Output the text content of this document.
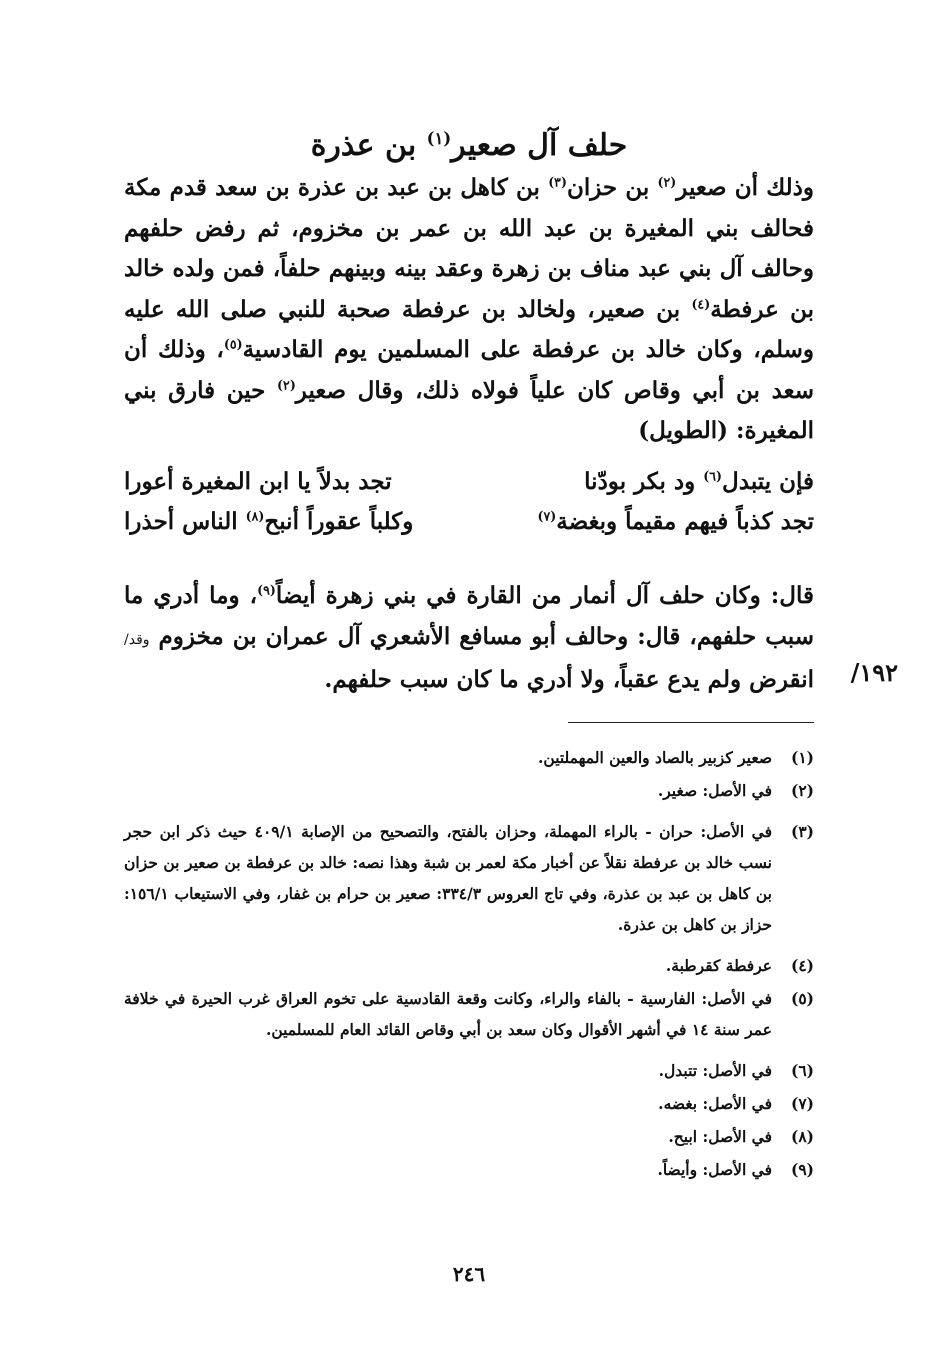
حلف آل صعير$^{(١)}$ بن عذرة

وذلك أن صعير$^{(٢)}$ بن حزان$^{(٣)}$ بن كاهل بن عبد بن عذرة بن سعد قدم مكة فحالف بني المغيرة بن عبد الله بن عمر بن مخزوم، ثم رفض حلفهم وحالف آل بني عبد مناف بن زهرة وعقد بينه وبينهم حلفاً، فمن ولده خالد بن عرفطة$^{(٤)}$ بن صعير، ولخالد بن عرفطة صحبة للنبي صلى الله عليه وسلم، وكان خالد بن عرفطة على المسلمين يوم القادسية$^{(٥)}$، وذلك أن سعد بن أبي وقاص كان علياً فولاه ذلك، وقال صعير$^{(٢)}$ حين فارق بني المغيرة: (الطويل)

فإن يتبدل$^{(٦)}$ ود بكر بودّنا
تجد بدلاً يا ابن المغيرة أعورا
تجد كذباً فيهم مقيماً وبغضة$^{(٧)}$
وكلباً عقوراً أنبح$^{(٨)}$ الناس أحذرا

قال: وكان حلف آل أنمار من القارة في بني زهرة أيضاً$^{(٩)}$، وما أدري ما سبب حلفهم، قال: وحالف أبو مسافع الأشعري آل عمران بن مخزوم وقد/انقرض ولم يدع عقباً، ولا أدري ما كان سبب حلفهم. ١٩٢/
(١)
صعير كزبير بالصاد والعين المهملتين.
(٢)
في الأصل: صغير.
(٣)
في الأصل: حران - بالراء المهملة، وحزان بالفتح، والتصحيح من الإصابة ٤٠٩/١ حيث ذكر ابن حجر نسب خالد بن عرفطة نقلاً عن أخبار مكة لعمر بن شبة وهذا نصه: خالد بن عرفطة بن صعير بن حزان بن كاهل بن عبد بن عذرة، وفي تاج العروس ٣٣٤/٣: صعير بن حرام بن غفار، وفي الاستيعاب ١٥٦/١: حزاز بن كاهل بن عذرة.
(٤)
عرفطة كقرطبة.
(٥)
في الأصل: الفارسية - بالفاء والراء، وكانت وقعة القادسية على تخوم العراق غرب الحيرة في خلافة عمر سنة ١٤ في أشهر الأقوال وكان سعد بن أبي وقاص القائد العام للمسلمين.
(٦)
في الأصل: تتبدل.
(٧)
في الأصل: بغضه.
(٨)
في الأصل: ابيح.
(٩)
في الأصل: وأيضاً.
٢٤٦
